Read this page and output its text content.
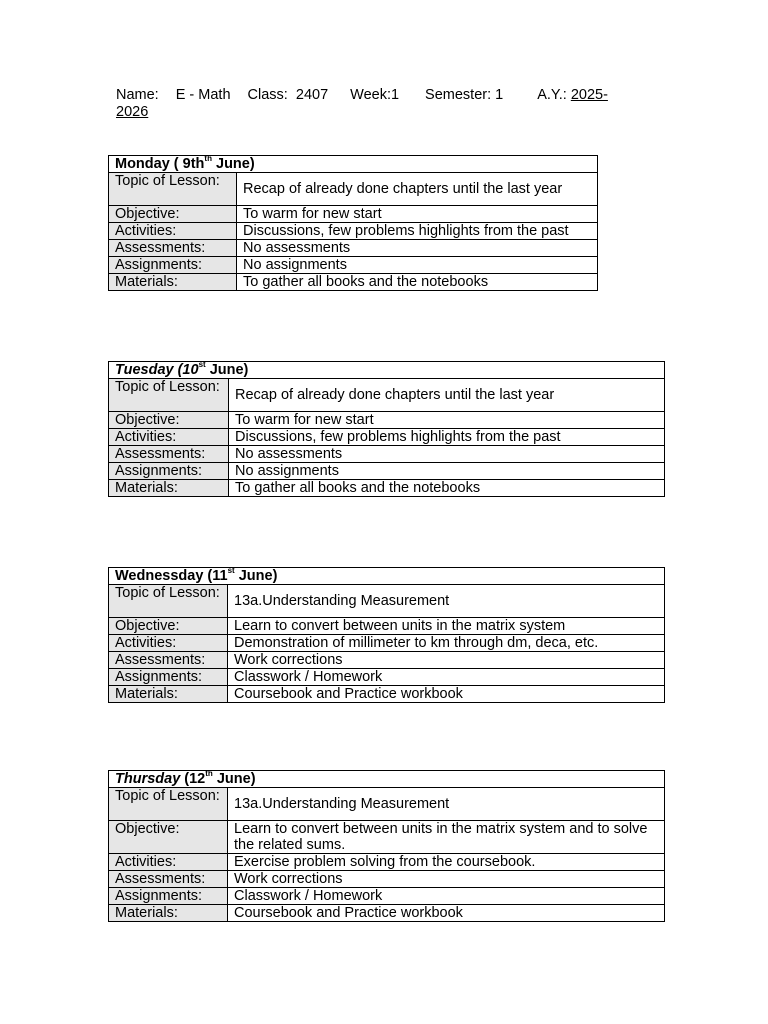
Name: E - Math Class: 2407 Week:1 Semester: 1 A.Y.: 2025-
2026
Monday ( $9th^{th}$ June)	
Topic of Lesson:	Recap of already done chapters until the last year
Objective:	To warm for new start
Activities:	Discussions, few problems highlights from the past
Assessments:	No assessments
Assignments:	No assignments
Materials:	To gather all books and the notebooks
Tuesday (10st June)	
Topic of Lesson:	Recap of already done chapters until the last year
Objective:	To warm for new start
Activities:	Discussions, few problems highlights from the past
Assessments:	No assessments
Assignments:	No assignments
Materials:	To gather all books and the notebooks
Wednessday (11st June)	
Topic of Lesson:	13a.Understanding Measurement
Objective:	Learn to convert between units in the matrix system
Activities:	Demonstration of millimeter to km through dm, deca, etc.
Assessments:	Work corrections
Assignments:	Classwork / Homework
Materials:	Coursebook and Practice workbook
Thursday (12th June)	
Topic of Lesson:	13a.Understanding Measurement
Objective:	Learn to convert between units in the matrix system and to solve the related sums.
Activities:	Exercise problem solving from the coursebook.
Assessments:	Work corrections
Assignments:	Classwork / Homework
Materials:	Coursebook and Practice workbook
